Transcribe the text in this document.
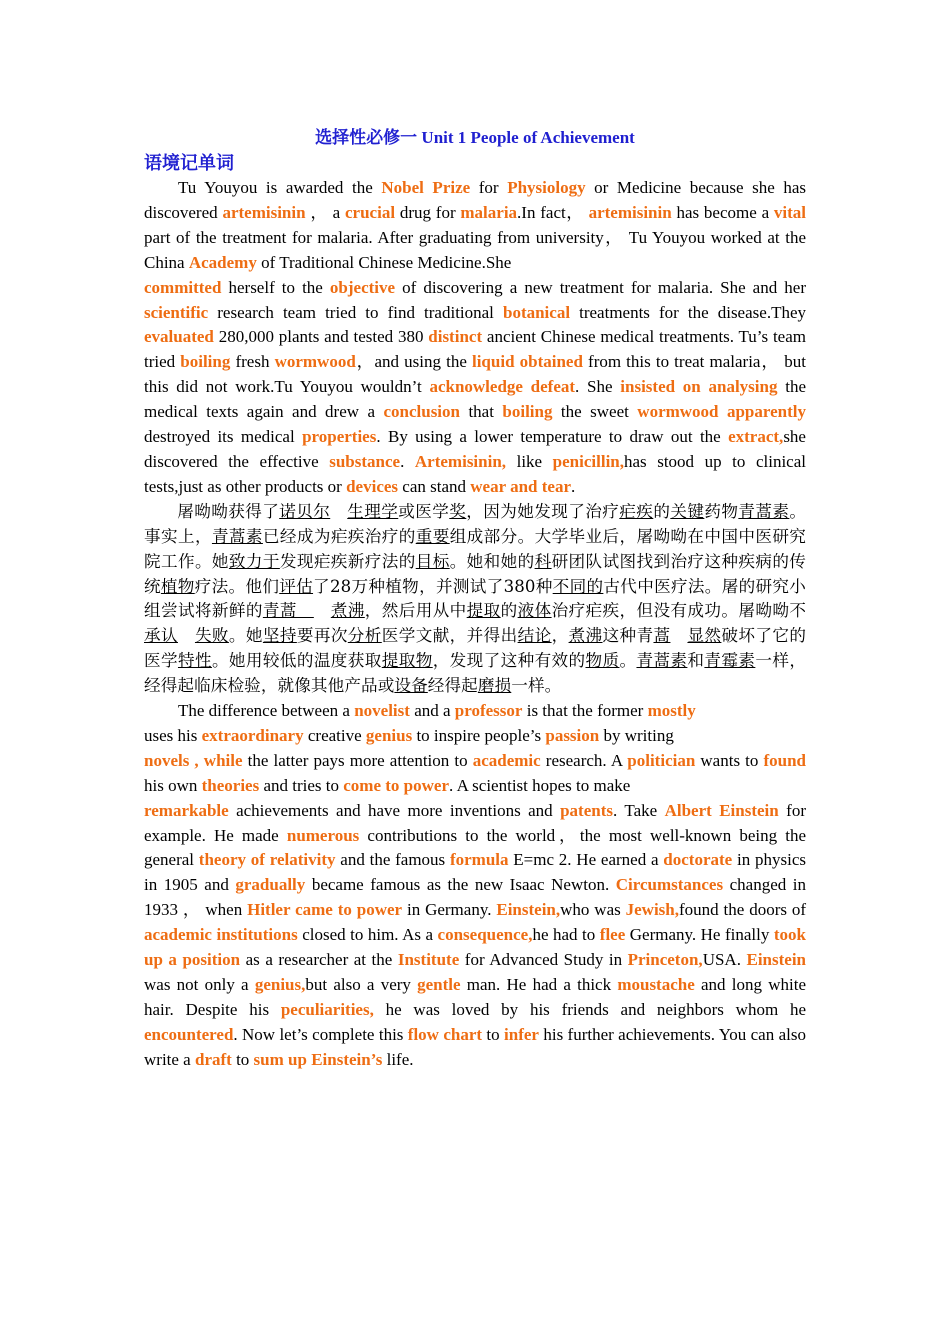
选择性必修一 Unit 1 People of Achievement
语境记单词

Tu Youyou is awarded the Nobel Prize for Physiology or Medicine because she has discovered artemisinin ， a crucial drug for malaria.In fact， artemisinin has become a vital part of the treatment for malaria. After graduating from university， Tu Youyou worked at the China Academy of Traditional Chinese Medicine.She
committed herself to the objective of discovering a new treatment for malaria. She and her scientific research team tried to find traditional botanical treatments for the disease.They evaluated 280,000 plants and tested 380 distinct ancient Chinese medical treatments. Tu’s team tried boiling fresh wormwood，and using the liquid obtained from this to treat malaria， but this did not work.Tu Youyou wouldn’t acknowledge defeat. She insisted on analysing the medical texts again and drew a conclusion that boiling the sweet wormwood apparently destroyed its medical properties. By using a lower temperature to draw out the extract,she discovered the effective substance. Artemisinin, like penicillin,has stood up to clinical tests,just as other products or devices can stand wear and tear.

屠呦呦获得了诺贝尔　 生理学或医学奖，因为她发现了治疗疟疾的关键药物青蒿素。事实上，青蒿素已经成为疟疾治疗的重要组成部分。大学毕业后，屠呦呦在中国中医研究院工作。她致力于发现疟疾新疗法的目标。她和她的科研团队试图找到治疗这种疾病的传统植物疗法。他们评估了28万种植物，并测试了380种不同的古代中医疗法。屠的研究小组尝试将新鲜的青蒿　　煮沸，然后用从中提取的液体治疗疟疾，但没有成功。屠呦呦不承认　 失败。她坚持要再次分析医学文献，并得出结论，煮沸这种青蒿　 显然破坏了它的医学特性。她用较低的温度获取提取物，发现了这种有效的物质。青蒿素和青霉素一样，经得起临床检验，就像其他产品或设备经得起磨损一样。

The difference between a novelist and a professor is that the former mostly
uses his extraordinary creative genius to inspire people’s passion by writing
novels , while the latter pays more attention to academic research. A politician wants to found his own theories and tries to come to power. A scientist hopes to make
remarkable achievements and have more inventions and patents. Take Albert Einstein for example. He made numerous contributions to the world，the most well-known being the general theory of relativity and the famous formula E=mc 2. He earned a doctorate in physics in 1905 and gradually became famous as the new Isaac Newton. Circumstances changed in 1933 ， when Hitler came to power in Germany. Einstein,who was Jewish,found the doors of academic institutions closed to him. As a consequence,he had to flee Germany. He finally took up a position as a researcher at the Institute for Advanced Study in Princeton,USA. Einstein was not only a genius,but also a very gentle man. He had a thick moustache and long white hair. Despite his peculiarities, he was loved by his friends and neighbors whom he encountered. Now let’s complete this flow chart to infer his further achievements. You can also write a draft to sum up Einstein’s life.
